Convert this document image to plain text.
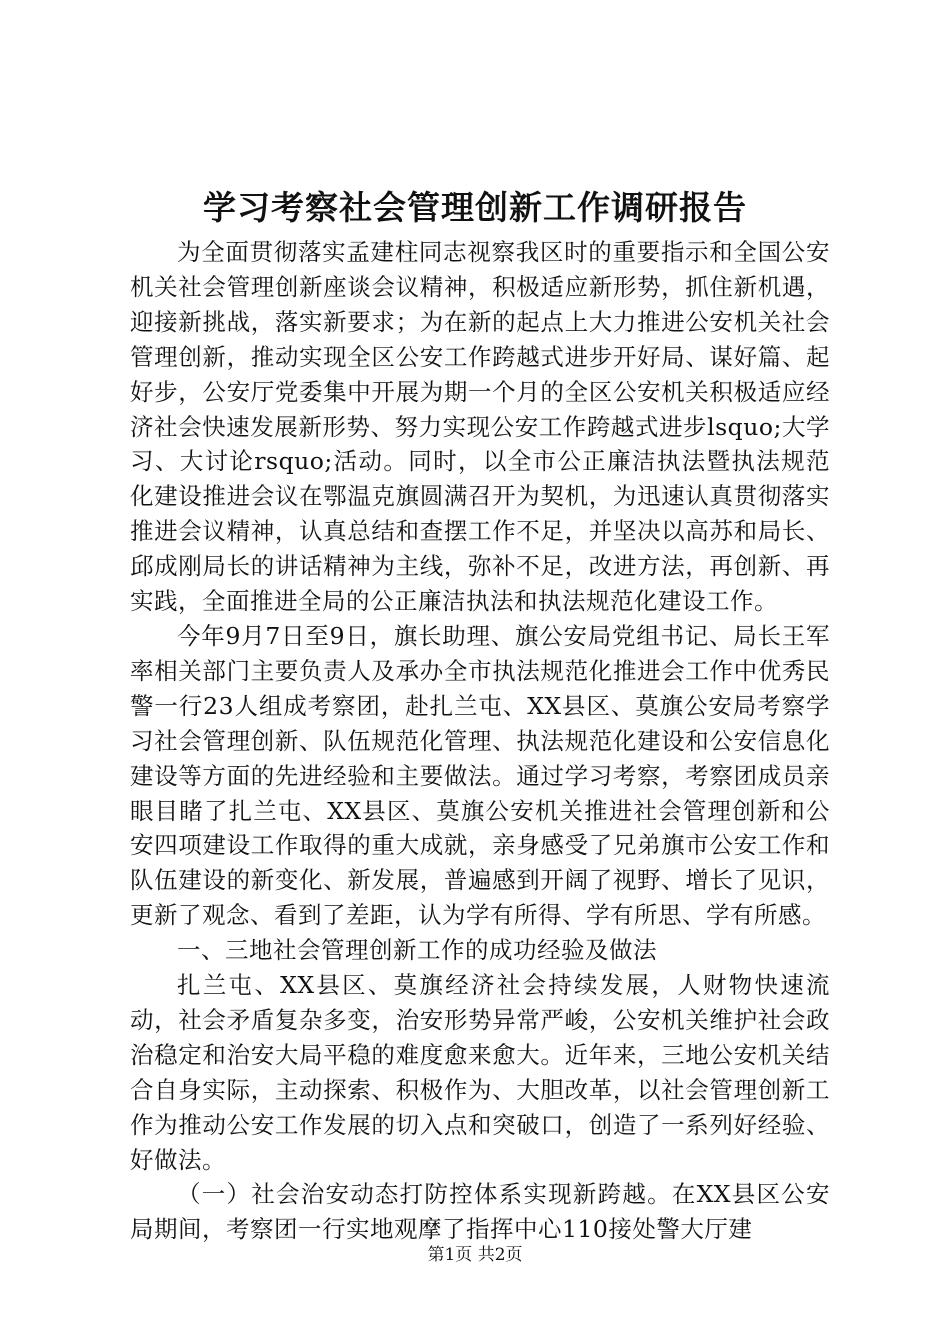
学习考察社会管理创新工作调研报告

为全面贯彻落实孟建柱同志视察我区时的重要指示和全国公安机关社会管理创新座谈会议精神，积极适应新形势，抓住新机遇，迎接新挑战，落实新要求；为在新的起点上大力推进公安机关社会管理创新，推动实现全区公安工作跨越式进步开好局、谋好篇、起好步，公安厅党委集中开展为期一个月的全区公安机关积极适应经济社会快速发展新形势、努力实现公安工作跨越式进步lsquo;大学习、大讨论rsquo;活动。同时，以全市公正廉洁执法暨执法规范化建设推进会议在鄂温克旗圆满召开为契机，为迅速认真贯彻落实推进会议精神，认真总结和查摆工作不足，并坚决以高苏和局长、邱成刚局长的讲话精神为主线，弥补不足，改进方法，再创新、再实践，全面推进全局的公正廉洁执法和执法规范化建设工作。

今年9月7日至9日，旗长助理、旗公安局党组书记、局长王军率相关部门主要负责人及承办全市执法规范化推进会工作中优秀民警一行23人组成考察团，赴扎兰屯、XX县区、莫旗公安局考察学习社会管理创新、队伍规范化管理、执法规范化建设和公安信息化建设等方面的先进经验和主要做法。通过学习考察，考察团成员亲眼目睹了扎兰屯、XX县区、莫旗公安机关推进社会管理创新和公安四项建设工作取得的重大成就，亲身感受了兄弟旗市公安工作和队伍建设的新变化、新发展，普遍感到开阔了视野、增长了见识，更新了观念、看到了差距，认为学有所得、学有所思、学有所感。

一、三地社会管理创新工作的成功经验及做法

扎兰屯、XX县区、莫旗经济社会持续发展，人财物快速流动，社会矛盾复杂多变，治安形势异常严峻，公安机关维护社会政治稳定和治安大局平稳的难度愈来愈大。近年来，三地公安机关结合自身实际，主动探索、积极作为、大胆改革，以社会管理创新工作为推动公安工作发展的切入点和突破口，创造了一系列好经验、好做法。

（一）社会治安动态打防控体系实现新跨越。在XX县区公安局期间，考察团一行实地观摩了指挥中心110接处警大厅建

第1页 共2页
